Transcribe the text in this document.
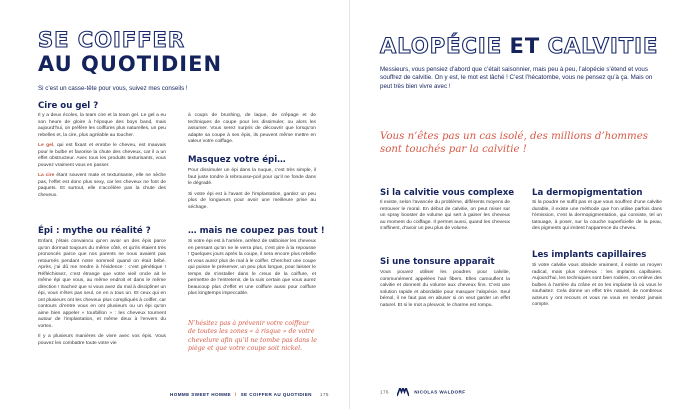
SE COIFFER
AU QUOTIDIEN
Si c’est un casse-tête pour vous, suivez mes conseils !
Cire ou gel ?

Il y a deux écoles, la team cire et la team gel. Le gel a eu son heure de gloire à l’époque des boys band, mais aujourd’hui, on préfère les coiffures plus naturelles, un peu rebelles et, la cire, plus agréable au toucher.

Le gel, qui est fixant et enrobe le cheveu, est mauvais pour le bulbe et favorise la chute des cheveux, car il a un effet obstructeur. Avec tous les produits texturisants, vous pouvez vraiment vous en passer.

La cire étant souvent mate et texturisante, elle ne sèche pas, l’effet est donc plus sexy, car les cheveux ne font de paquets. Et surtout, elle n’accélère pas la chute des cheveux.

Épi : mythe ou réalité ?

Enfant, j’étais convaincu qu’en avoir un des épis parce qu’on dormait toujours du même côté, et qu’ils étaient très prononcés parce que nos parents ne nous avaient pas retournés pendant notre sommeil quand on était bébé. Après, j’ai dû me rendre à l’évidence : c’est génétique ! Réfléchissez, c’est étrange que votre vieil oncle ait le même épi que vous, au même endroit et dans le même direction ! Sachez que si vous avez du mal à discipliner un épi, vous n’êtes pas seul, on en a tous un. Et ceux qui en ont plusieurs ont les cheveux plus compliqués à coiffer, car contours di’entre vous en ont plusieurs ou un épi qu’on aime bien appeler « tourbillon » : les cheveux tournent autour de l’implantation, et même deux à l’envers du vortex.

Il y a plusieurs manières de vivre avec vos épis. Vous pouvez les combattre toute votre vie

à coups de brushing, de laque, de crêpage et de techniques de coupe pour les dissimuler, ou alors les assumer. Vous serez surpris de découvrir que lorsqu’on adapte sa coupe à ses épis, ils peuvent même mettre en valeur votre coiffage.
Masquez votre épi…

Pour dissimuler un épi dans la nuque, c’est très simple, il faut juste tondre à rebrousse-poil pour qu’il ne fonde dans le dégradé.

Si votre épi est à l’avant de l’implantation, gardez un peu plus de longueurs pour avoir une meilleure prise au séchage.

… mais ne coupez pas tout !
Si votre épi est à l’arrière, arrêtez de ratiboiser les cheveux en pensant qu’on ne le verra plus, c’est pire à la repousse ! Quelques jours après la coupe, il sera encore plus rebelle et vous aurez plus de mal à le coiffer. Cherchez une coupe qui puisse le préserver, un peu plus longue, pour laisser le temps de s’installer dans le creux de la coiffure, et permettre de l’entretenir, de la suis certain que vous aurez beaucoup plus d’effet et une coiffure aussi pour coiffure plus longtemps impeccable.
N’hésitez pas à prévenir votre coiffeur de toutes les zones « à risque » de votre chevelure afin qu’il ne tombe pas dans le piège et que votre coupe soit nickel.
HOMME SWEET HOMME / SE COIFFER AU QUOTIDIEN 175
ALOPÉCIE ET CALVITIE
Messieurs, vous pensiez d’abord que c’était saisonnier, mais peu à peu, l’alopécie s’étend et vous souffrez de calvitie. On y est, le mot est lâché ! C’est l’hécatombe, vous ne pensez qu’à ça. Mais on peut très bien vivre avec !
Vous n’êtes pas un cas isolé, des millions d’hommes sont touchés par la calvitie !
Si la calvitie vous complexe
Il existe, selon l’avancée du problème, différents moyens de retrouver le moral. En début de calvitie, on peut miser sur un spray booster de volume qui sert à gainer les cheveux au moment du coiffage. Il permet aussi, quand les cheveux s’affinent, d’avoir un peu plus de volume.
Si une tonsure apparaît
Vous pouvez utiliser les poudres pour calvitie, communément appelées hair fibers. Elles camouflent la calvitie et donnent du volume aux cheveux fins. C’est une solution rapide et abordable pour masquer l’alopécie. Seul bémol, il ne faut pas en abuser si on veut garder un effet naturel. Et si le mot a pleuvoir, le charme est rompu.
La dermopigmentation
Si la poudre ne suffit pas et que vous souffrez d’une calvitie durable, il existe une méthode que l’on utilise parfois dans l’émission, c’est la dermopigmentation, qui consiste, tel un tatouage, à poser, sur la couche superficielle de la peau, des pigments qui imitent l’apparence du cheveu.
Les implants capillaires
Si votre calvitie vous obsède vraiment, il existe un moyen radical, mais plus onéreux : les implants capillaires. Aujourd’hui, les techniques sont bien rodées, on enlève des bulbes à l’arrière du crâne et on les implante là où vous le souhaitez. Cela donne un effet très naturel, de nombreux acteurs y ont recours et vous ne vous en rendez jamais compte.
176	NICOLAS WALDORF
